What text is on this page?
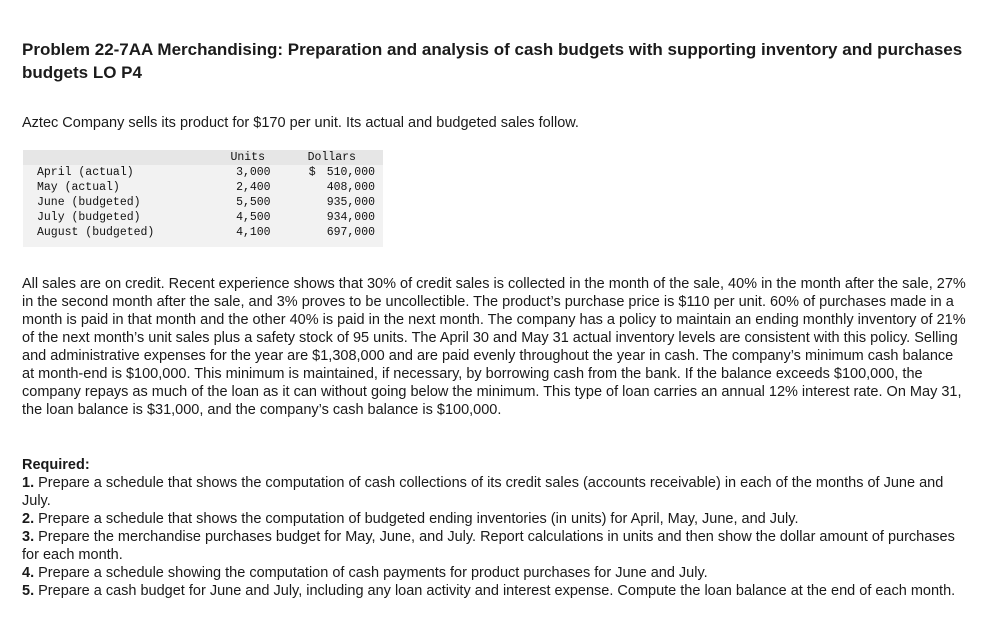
Problem 22-7AA Merchandising: Preparation and analysis of cash budgets with supporting inventory and purchases budgets LO P4

Aztec Company sells its product for $170 per unit. Its actual and budgeted sales follow.

	Units	Dollars
April (actual)	3,000	$ 510,000
May (actual)	2,400	408,000
June (budgeted)	5,500	935,000
July (budgeted)	4,500	934,000
August (budgeted)	4,100	697,000

All sales are on credit. Recent experience shows that 30% of credit sales is collected in the month of the sale, 40% in the month after the sale, 27% in the second month after the sale, and 3% proves to be uncollectible. The product’s purchase price is $110 per unit. 60% of purchases made in a month is paid in that month and the other 40% is paid in the next month. The company has a policy to maintain an ending monthly inventory of 21% of the next month’s unit sales plus a safety stock of 95 units. The April 30 and May 31 actual inventory levels are consistent with this policy. Selling and administrative expenses for the year are $1,308,000 and are paid evenly throughout the year in cash. The company’s minimum cash balance at month-end is $100,000. This minimum is maintained, if necessary, by borrowing cash from the bank. If the balance exceeds $100,000, the company repays as much of the loan as it can without going below the minimum. This type of loan carries an annual 12% interest rate. On May 31, the loan balance is $31,000, and the company’s cash balance is $100,000.

Required:

1. Prepare a schedule that shows the computation of cash collections of its credit sales (accounts receivable) in each of the months of June and July.
2. Prepare a schedule that shows the computation of budgeted ending inventories (in units) for April, May, June, and July.
3. Prepare the merchandise purchases budget for May, June, and July. Report calculations in units and then show the dollar amount of purchases for each month.
4. Prepare a schedule showing the computation of cash payments for product purchases for June and July.
5. Prepare a cash budget for June and July, including any loan activity and interest expense. Compute the loan balance at the end of each month.
